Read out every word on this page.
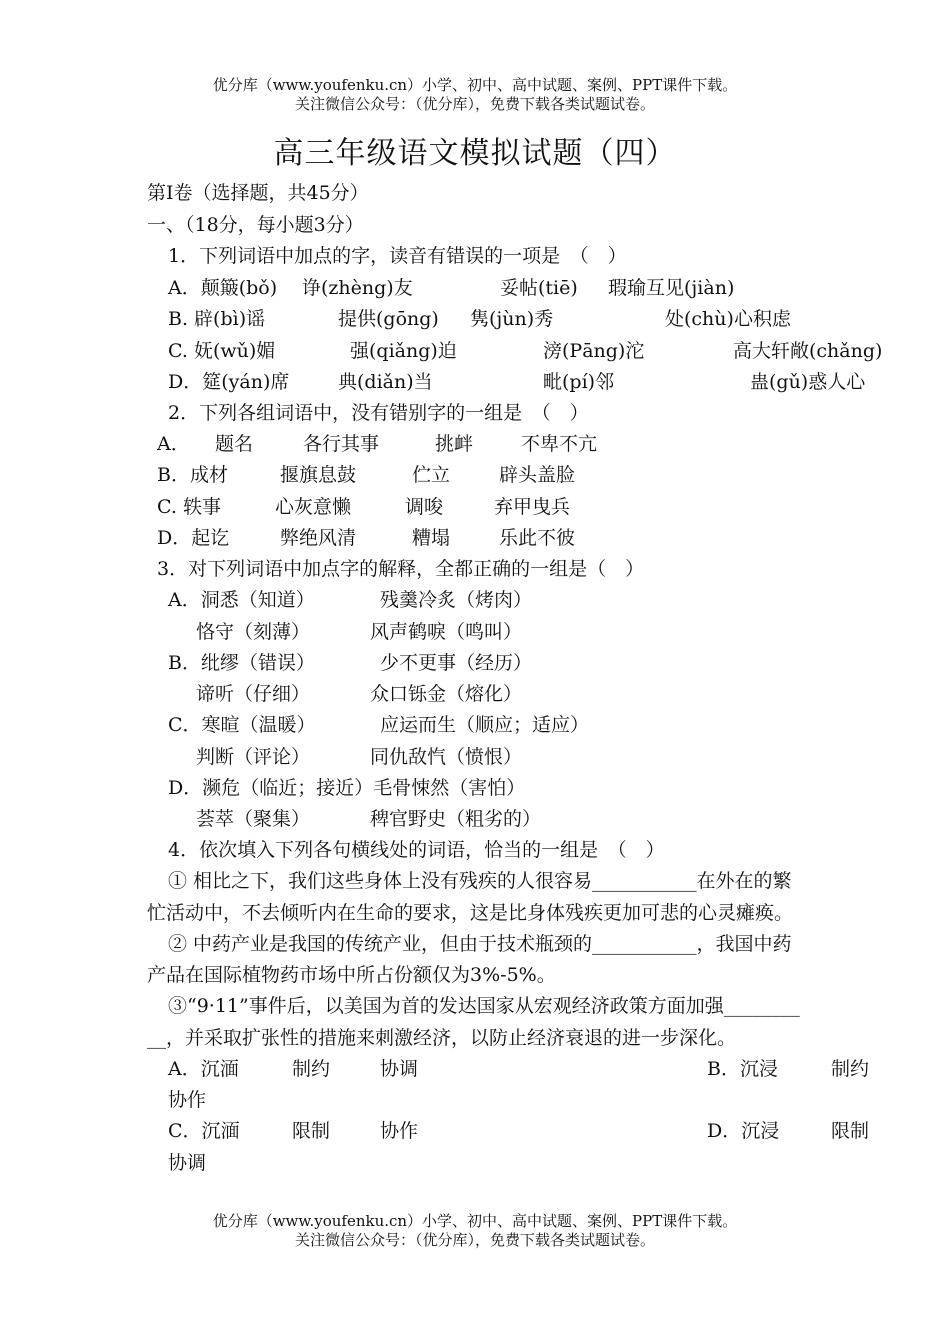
优分库（www.youfenku.cn）小学、初中、高中试题、案例、PPT课件下载。
关注微信公众号：（优分库），免费下载各类试题试卷。
高三年级语文模拟试题（四）
第Ⅰ卷（选择题，共45分）
一、（18分，每小题3分）
1．下列词语中加点的字，读音有错误的一项是　（　）
A．颠簸(bǒ) 诤(zhèng)友	妥帖(tiē) 瑕瑜互见(jiàn)
B. 辟(bì)谣	提供(gōng) 隽(jùn)秀	处(chù)心积虑
C. 妩(wǔ)媚	强(qiǎng)迫	滂(Pāng)沱	高大轩敞(chǎng)
D．筵(yán)席	典(diǎn)当	毗(pí)邻	蛊(gǔ)惑人心
2．下列各组词语中，没有错别字的一组是　（　）
A． 题名	各行其事	挑衅	不卑不亢
B．成材	揠旗息鼓	伫立	辟头盖脸
C. 轶事	心灰意懒	调唆	弃甲曳兵
D．起讫	弊绝风清	糟塌	乐此不彼
3．对下列词语中加点字的解释，全都正确的一组是（　）
A．洞悉（知道）	残羹冷炙（烤肉）
恪守（刻薄）	风声鹤唳（鸣叫）
B．纰缪（错误）	少不更事（经历）
谛听（仔细）	众口铄金（熔化）
C．寒暄（温暖）	应运而生（顺应；适应）
判断（评论）	同仇敌忾（愤恨）
D．濒危（临近；接近）毛骨悚然（害怕）
荟萃（聚集）	稗官野史（粗劣的）
4．依次填入下列各句横线处的词语，恰当的一组是　（　）
① 相比之下，我们这些身体上没有残疾的人很容易___________在外在的繁
忙活动中，不去倾听内在生命的要求，这是比身体残疾更加可悲的心灵瘫痪。
② 中药产业是我国的传统产业，但由于技术瓶颈的___________，我国中药
产品在国际植物药市场中所占份额仅为3%-5%。
③“9·11”事件后，以美国为首的发达国家从宏观经济政策方面加强________
__，并采取扩张性的措施来刺激经济，以防止经济衰退的进一步深化。
A．沉湎	制约	协调	B．沉浸	制约
协作
C．沉湎	限制	协作	D．沉浸	限制
协调
优分库（www.youfenku.cn）小学、初中、高中试题、案例、PPT课件下载。
关注微信公众号：（优分库），免费下载各类试题试卷。
